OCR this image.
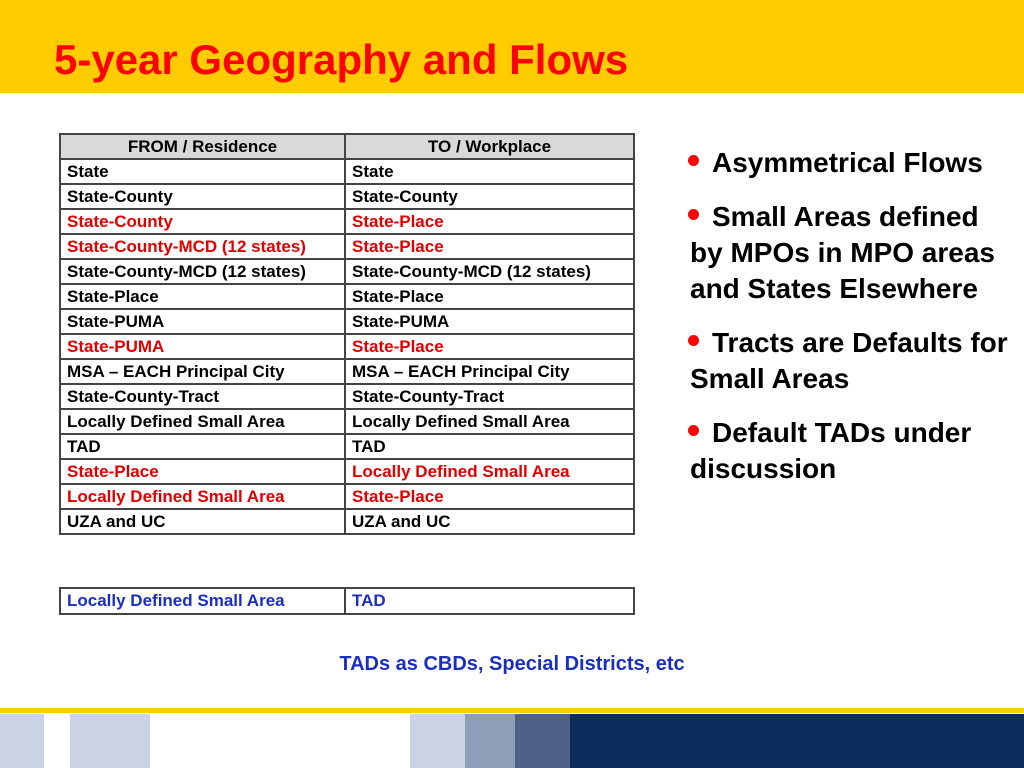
5-year Geography and Flows
FROM / Residence	TO / Workplace
State	State
State-County	State-County
State-County	State-Place
State-County-MCD (12 states)	State-Place
State-County-MCD (12 states)	State-County-MCD (12 states)
State-Place	State-Place
State-PUMA	State-PUMA
State-PUMA	State-Place
MSA – EACH Principal City	MSA – EACH Principal City
State-County-Tract	State-County-Tract
Locally Defined Small Area	Locally Defined Small Area
TAD	TAD
State-Place	Locally Defined Small Area
Locally Defined Small Area	State-Place
UZA and UC	UZA and UC
Locally Defined Small Area	TAD
Asymmetrical Flows
Small Areas defined by MPOs in MPO areas and States Elsewhere
Tracts are Defaults for Small Areas
Default TADs under discussion
TADs as CBDs, Special Districts, etc
